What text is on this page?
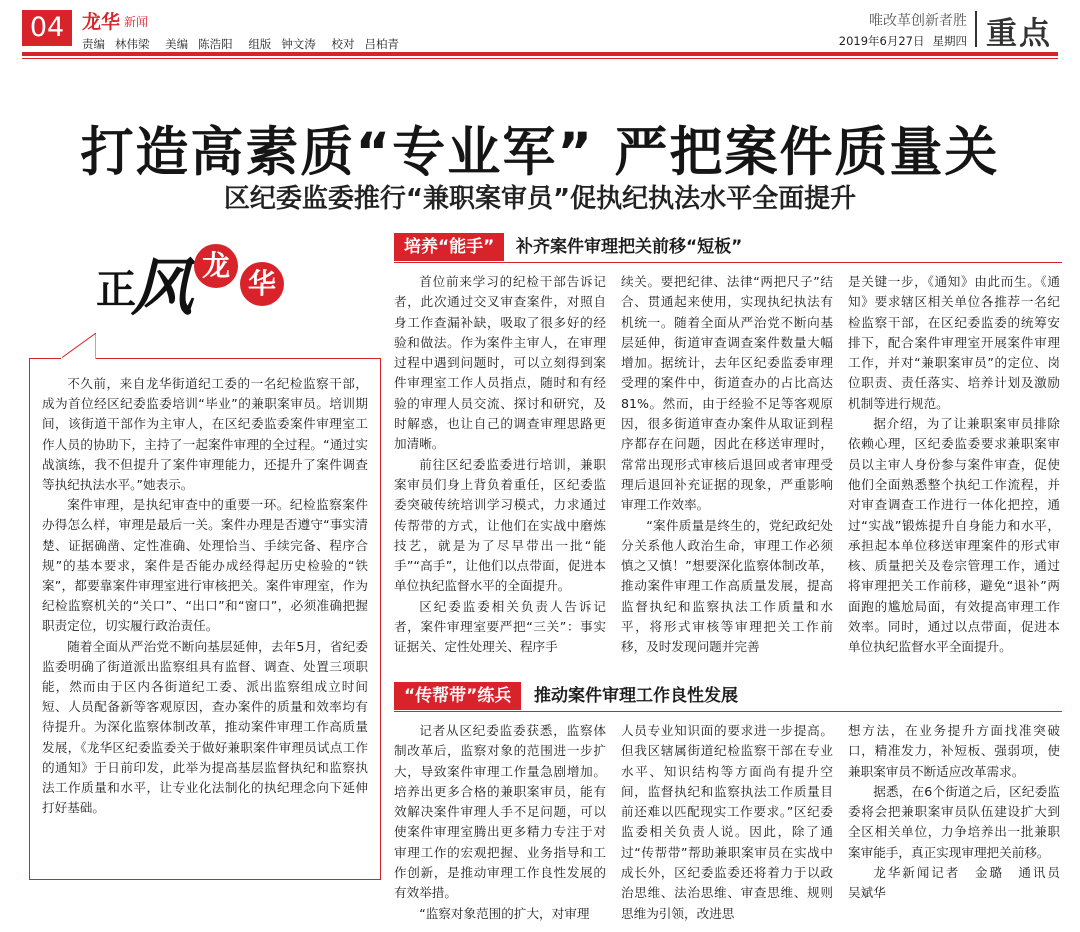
04 龙华 新闻
责编 林伟梁 美编 陈浩阳 组版 钟文涛 校对 吕柏青
唯改革创新者胜
2019年6月27日 星期四 重点
打造高素质“专业军” 严把案件质量关
区纪委监委推行“兼职案审员”促执纪执法水平全面提升
正
风 龙
华

不久前，来自龙华街道纪工委的一名纪检监察干部，成为首位经区纪委监委培训“毕业”的兼职案审员。培训期间，该街道干部作为主审人，在区纪委监委案件审理室工作人员的协助下，主持了一起案件审理的全过程。“通过实战演练，我不但提升了案件审理能力，还提升了案件调查等执纪执法水平。”她表示。

案件审理，是执纪审查中的重要一环。纪检监察案件办得怎么样，审理是最后一关。案件办理是否遵守“事实清楚、证据确凿、定性准确、处理恰当、手续完备、程序合规”的基本要求，案件是否能办成经得起历史检验的“铁案”，都要靠案件审理室进行审核把关。案件审理室，作为纪检监察机关的“关口”、“出口”和“窗口”，必须准确把握职责定位，切实履行政治责任。

随着全面从严治党不断向基层延伸，去年5月，省纪委监委明确了街道派出监察组具有监督、调查、处置三项职能，然而由于区内各街道纪工委、派出监察组成立时间短、人员配备新等客观原因，查办案件的质量和效率均有待提升。为深化监察体制改革，推动案件审理工作高质量发展，《龙华区纪委监委关于做好兼职案件审理员试点工作的通知》于日前印发，此举为提高基层监督执纪和监察执法工作质量和水平，让专业化法制化的执纪理念向下延伸打好基础。

培养“能手”	补齐案件审理把关前移“短板”

首位前来学习的纪检干部告诉记者，此次通过交叉审查案件，对照自身工作查漏补缺，吸取了很多好的经验和做法。作为案件主审人，在审理过程中遇到问题时，可以立刻得到案件审理室工作人员指点，随时和有经验的审理人员交流、探讨和研究，及时解惑，也让自己的调查审理思路更加清晰。

前往区纪委监委进行培训，兼职案审员们身上背负着重任，区纪委监委突破传统培训学习模式，力求通过传帮带的方式，让他们在实战中磨炼技艺，就是为了尽早带出一批“能手”“高手”，让他们以点带面，促进本单位执纪监督水平的全面提升。

区纪委监委相关负责人告诉记者，案件审理室要严把“三关”：事实证据关、定性处理关、程序手

续关。要把纪律、法律“两把尺子”结合、贯通起来使用，实现执纪执法有机统一。随着全面从严治党不断向基层延伸，街道审查调查案件数量大幅增加。据统计，去年区纪委监委审理受理的案件中，街道查办的占比高达81%。然而，由于经验不足等客观原因，很多街道审查办案件从取证到程序都存在问题，因此在移送审理时，常常出现形式审核后退回或者审理受理后退回补充证据的现象，严重影响审理工作效率。

“案件质量是终生的，党纪政纪处分关系他人政治生命，审理工作必须慎之又慎！”想要深化监察体制改革，推动案件审理工作高质量发展，提高监督执纪和监察执法工作质量和水平，将形式审核等审理把关工作前移，及时发现问题并完善

是关键一步，《通知》由此而生。《通知》要求辖区相关单位各推荐一名纪检监察干部，在区纪委监委的统筹安排下，配合案件审理室开展案件审理工作，并对“兼职案审员”的定位、岗位职责、责任落实、培养计划及激励机制等进行规范。

据介绍，为了让兼职案审员排除依赖心理，区纪委监委要求兼职案审员以主审人身份参与案件审查，促使他们全面熟悉整个执纪工作流程，并对审查调查工作进行一体化把控，通过“实战”锻炼提升自身能力和水平，承担起本单位移送审理案件的形式审核、质量把关及卷宗管理工作，通过将审理把关工作前移，避免“退补”两面跑的尴尬局面，有效提高审理工作效率。同时，通过以点带面，促进本单位执纪监督水平全面提升。

“传帮带”练兵	推动案件审理工作良性发展

记者从区纪委监委获悉，监察体制改革后，监察对象的范围进一步扩大，导致案件审理工作量急剧增加。培养出更多合格的兼职案审员，能有效解决案件审理人手不足问题，可以使案件审理室腾出更多精力专注于对审理工作的宏观把握、业务指导和工作创新，是推动审理工作良性发展的有效举措。

“监察对象范围的扩大，对审理

人员专业知识面的要求进一步提高。但我区辖属街道纪检监察干部在专业水平、知识结构等方面尚有提升空间，监督执纪和监察执法工作质量目前还难以匹配现实工作要求。”区纪委监委相关负责人说。因此，除了通过“传帮带”帮助兼职案审员在实战中成长外，区纪委监委还将着力于以政治思维、法治思维、审查思维、规则思维为引领，改进思

想方法，在业务提升方面找准突破口，精准发力，补短板、强弱项，使兼职案审员不断适应改革需求。

据悉，在6个街道之后，区纪委监委将会把兼职案审员队伍建设扩大到全区相关单位，力争培养出一批兼职案审能手，真正实现审理把关前移。

龙华新闻记者　金璐　通讯员　吴斌华
